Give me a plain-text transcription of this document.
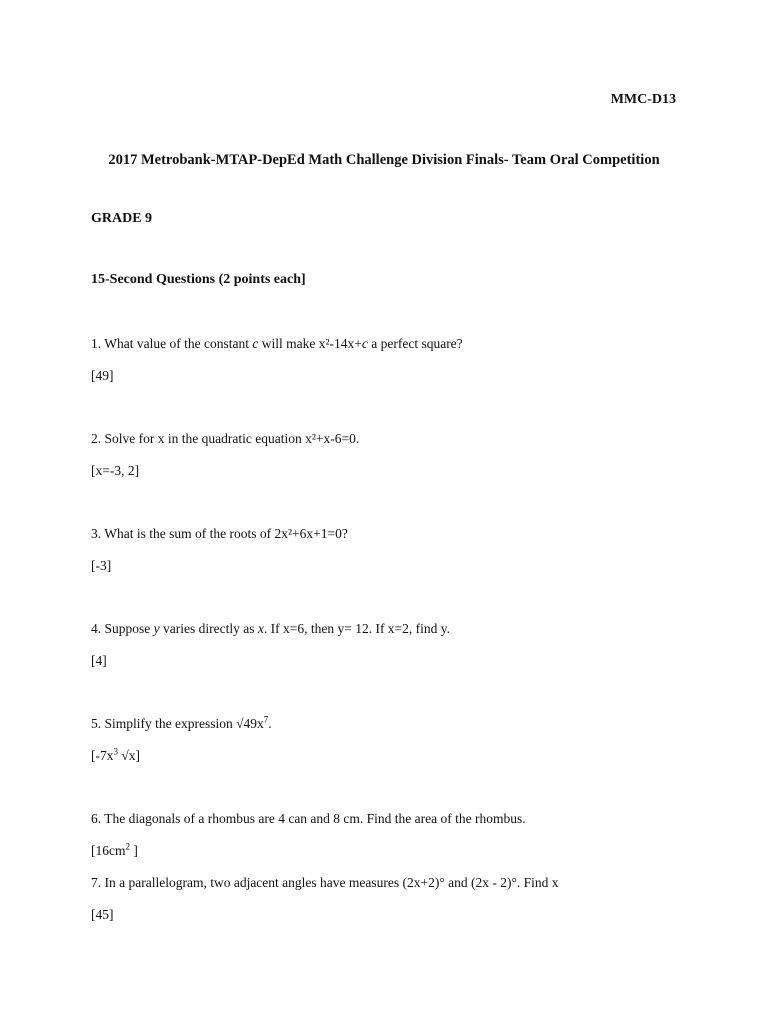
MMC-D13
2017 Metrobank-MTAP-DepEd Math Challenge Division Finals- Team Oral Competition
GRADE 9
15-Second Questions (2 points each]
1. What value of the constant c will make x²-14x+c a perfect square?
[49]
2. Solve for x in the quadratic equation x²+x-6=0.
[x=-3, 2]
3. What is the sum of the roots of 2x²+6x+1=0?
[-3]
4. Suppose y varies directly as x. If x=6, then y= 12. If x=2, find y.
[4]
5. Simplify the expression $√49x^7$.
[$-7x^3$ √x]
6. The diagonals of a rhombus are 4 can and 8 cm. Find the area of the rhombus.
[$16cm^2$ ]
7. In a parallelogram, two adjacent angles have measures (2x+2)° and (2x - 2)°. Find x
[45]
